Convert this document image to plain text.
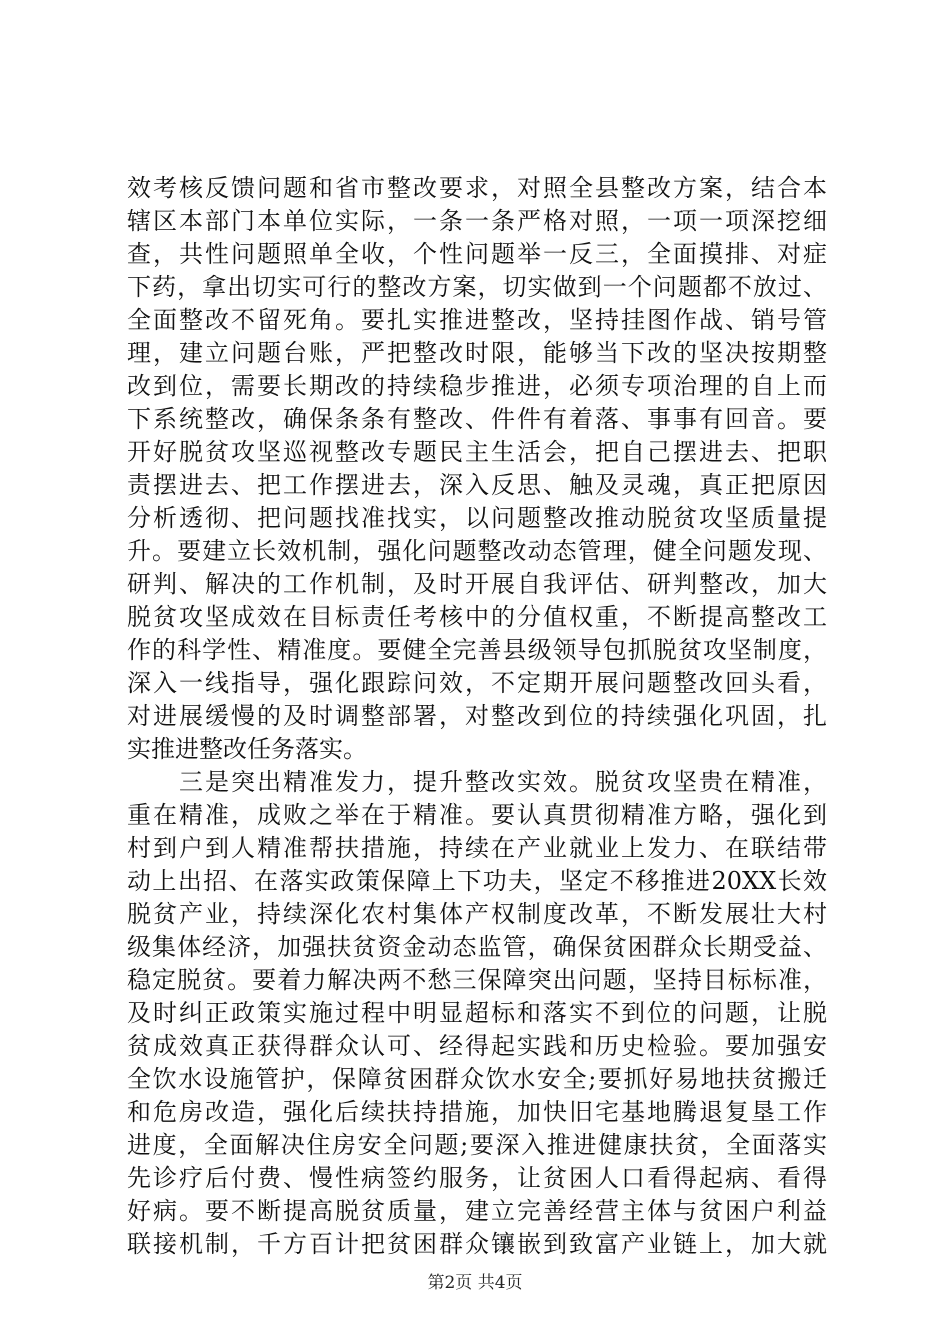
效考核反馈问题和省市整改要求，对照全县整改方案，结合本
辖区本部门本单位实际，一条一条严格对照，一项一项深挖细
查，共性问题照单全收，个性问题举一反三，全面摸排、对症
下药，拿出切实可行的整改方案，切实做到一个问题都不放过、
全面整改不留死角。要扎实推进整改，坚持挂图作战、销号管
理，建立问题台账，严把整改时限，能够当下改的坚决按期整
改到位，需要长期改的持续稳步推进，必须专项治理的自上而
下系统整改，确保条条有整改、件件有着落、事事有回音。要
开好脱贫攻坚巡视整改专题民主生活会，把自己摆进去、把职
责摆进去、把工作摆进去，深入反思、触及灵魂，真正把原因
分析透彻、把问题找准找实，以问题整改推动脱贫攻坚质量提
升。要建立长效机制，强化问题整改动态管理，健全问题发现、
研判、解决的工作机制，及时开展自我评估、研判整改，加大
脱贫攻坚成效在目标责任考核中的分值权重，不断提高整改工
作的科学性、精准度。要健全完善县级领导包抓脱贫攻坚制度，
深入一线指导，强化跟踪问效，不定期开展问题整改回头看，
对进展缓慢的及时调整部署，对整改到位的持续强化巩固，扎
实推进整改任务落实。
　　三是突出精准发力，提升整改实效。脱贫攻坚贵在精准，
重在精准，成败之举在于精准。要认真贯彻精准方略，强化到
村到户到人精准帮扶措施，持续在产业就业上发力、在联结带
动上出招、在落实政策保障上下功夫，坚定不移推进20XX长效
脱贫产业，持续深化农村集体产权制度改革，不断发展壮大村
级集体经济，加强扶贫资金动态监管，确保贫困群众长期受益、
稳定脱贫。要着力解决两不愁三保障突出问题，坚持目标标准，
及时纠正政策实施过程中明显超标和落实不到位的问题，让脱
贫成效真正获得群众认可、经得起实践和历史检验。要加强安
全饮水设施管护，保障贫困群众饮水安全;要抓好易地扶贫搬迁
和危房改造，强化后续扶持措施，加快旧宅基地腾退复垦工作
进度，全面解决住房安全问题;要深入推进健康扶贫，全面落实
先诊疗后付费、慢性病签约服务，让贫困人口看得起病、看得
好病。要不断提高脱贫质量，建立完善经营主体与贫困户利益
联接机制，千方百计把贫困群众镶嵌到致富产业链上，加大就
第2页 共4页
